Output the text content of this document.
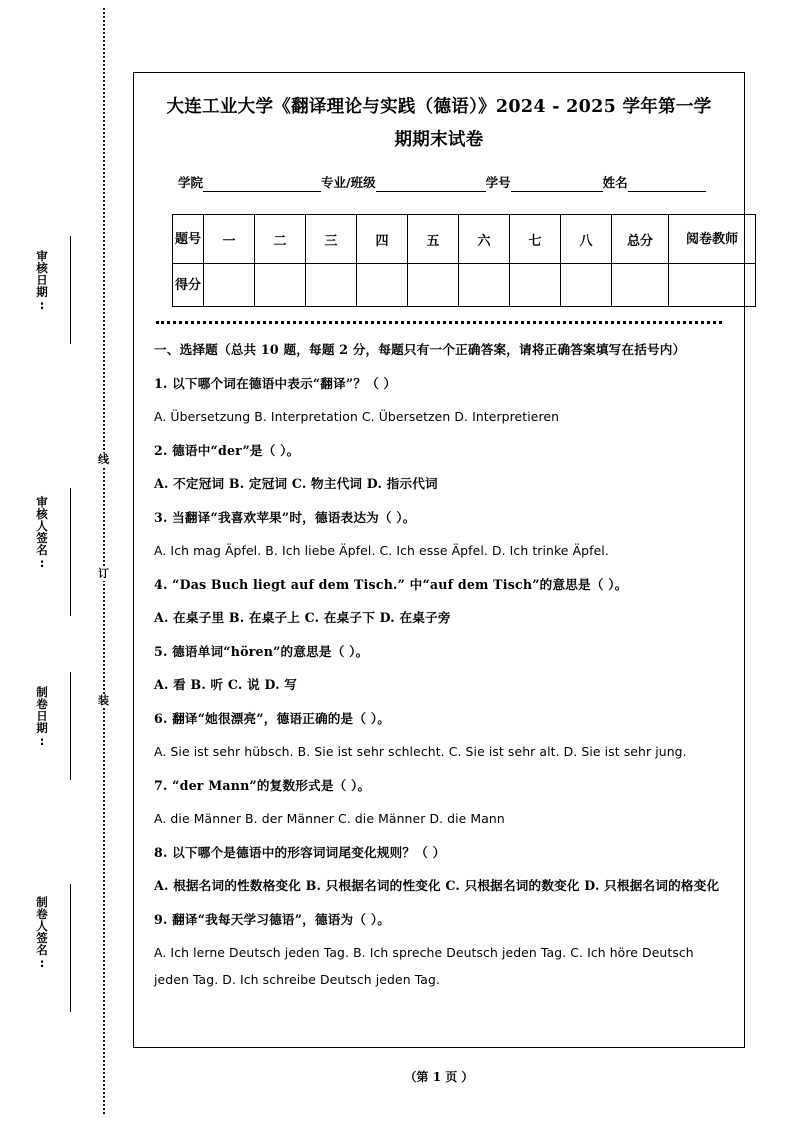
审核日期:
审核人签名:
制卷日期:
制卷人签名:
线
订
装
大连工业大学《翻译理论与实践（德语）》2024 - 2025 学年第一学
期期末试卷
学院	专业/班级	学号	姓名
题号	一	二	三	四	五	六	七	八	总分	阅卷教师

得分										

一、选择题（总共 10 题，每题 2 分，每题只有一个正确答案，请将正确答案填写在括号内）
1. 以下哪个词在德语中表示“翻译”？（ ）
A. Übersetzung B. Interpretation C. Übersetzen D. Interpretieren
2. 德语中“der”是（ ）。
A. 不定冠词 B. 定冠词 C. 物主代词 D. 指示代词
3. 当翻译“我喜欢苹果”时，德语表达为（ ）。
A. Ich mag Äpfel. B. Ich liebe Äpfel. C. Ich esse Äpfel. D. Ich trinke Äpfel.
4. “Das Buch liegt auf dem Tisch.” 中“auf dem Tisch”的意思是（ ）。
A. 在桌子里 B. 在桌子上 C. 在桌子下 D. 在桌子旁
5. 德语单词“hören”的意思是（ ）。
A. 看 B. 听 C. 说 D. 写
6. 翻译“她很漂亮”，德语正确的是（ ）。
A. Sie ist sehr hübsch. B. Sie ist sehr schlecht. C. Sie ist sehr alt. D. Sie ist sehr jung.
7. “der Mann”的复数形式是（ ）。
A. die Männer B. der Männer C. die Männer D. die Mann
8. 以下哪个是德语中的形容词词尾变化规则？（ ）
A. 根据名词的性数格变化 B. 只根据名词的性变化 C. 只根据名词的数变化 D. 只根据名词的格变化
9. 翻译“我每天学习德语”，德语为（ ）。
A. Ich lerne Deutsch jeden Tag. B. Ich spreche Deutsch jeden Tag. C. Ich höre Deutsch jeden Tag. D. Ich schreibe Deutsch jeden Tag.
（第 1 页 ）
